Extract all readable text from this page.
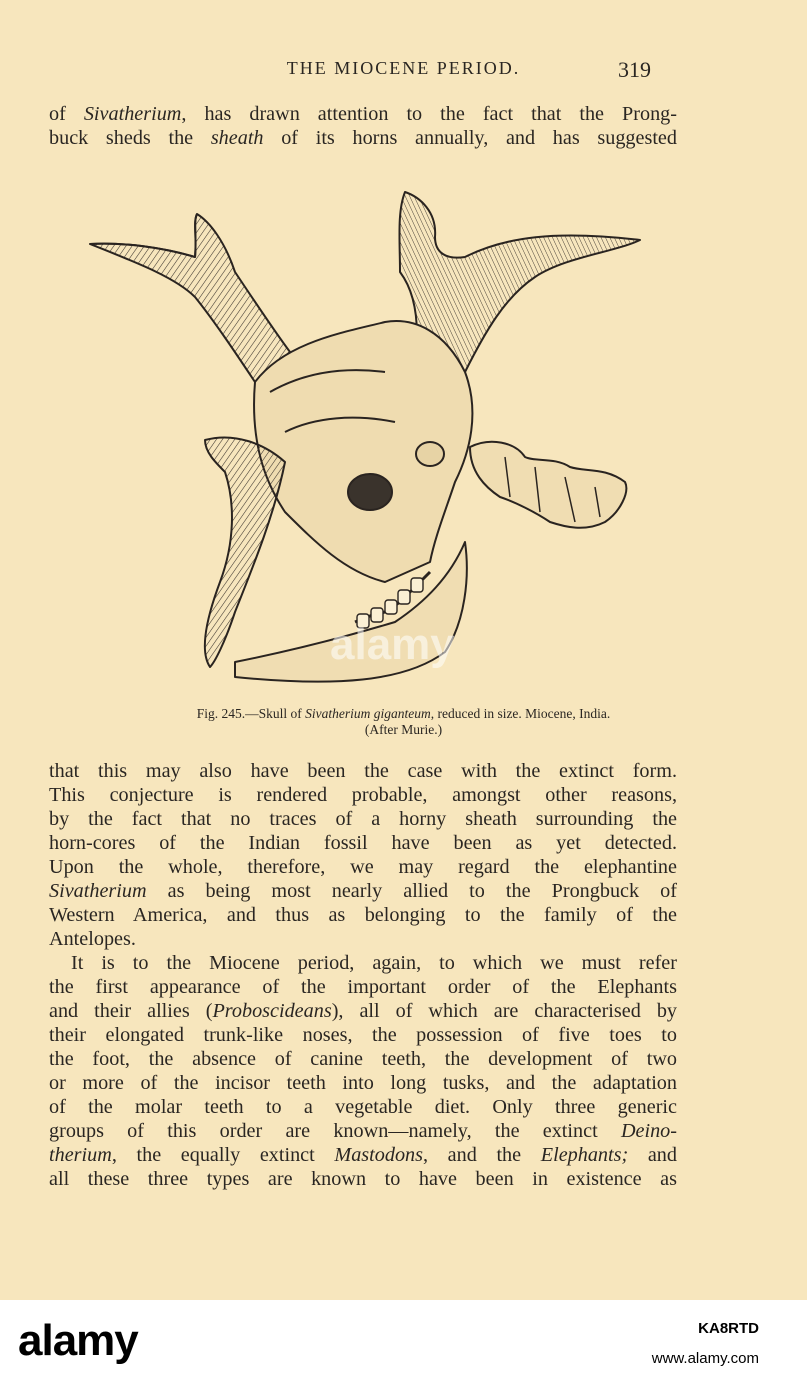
THE MIOCENE PERIOD.	319
of Sivatherium, has drawn attention to the fact that the Prong-
buck sheds the sheath of its horns annually, and has suggested
Fig. 245.—Skull of Sivatherium giganteum, reduced in size. Miocene, India.
(After Murie.)
that this may also have been the case with the extinct form.
This conjecture is rendered probable, amongst other reasons,
by the fact that no traces of a horny sheath surrounding the
horn-cores of the Indian fossil have been as yet detected.
Upon the whole, therefore, we may regard the elephantine
Sivatherium as being most nearly allied to the Prongbuck of
Western America, and thus as belonging to the family of the
Antelopes.
It is to the Miocene period, again, to which we must refer
the first appearance of the important order of the Elephants
and their allies (Proboscideans), all of which are characterised by
their elongated trunk-like noses, the possession of five toes to
the foot, the absence of canine teeth, the development of two
or more of the incisor teeth into long tusks, and the adaptation
of the molar teeth to a vegetable diet. Only three generic
groups of this order are known—namely, the extinct Deino-
therium, the equally extinct Mastodons, and the Elephants; and
all these three types are known to have been in existence as
alamy
alamy	KA8RTD
www.alamy.com
